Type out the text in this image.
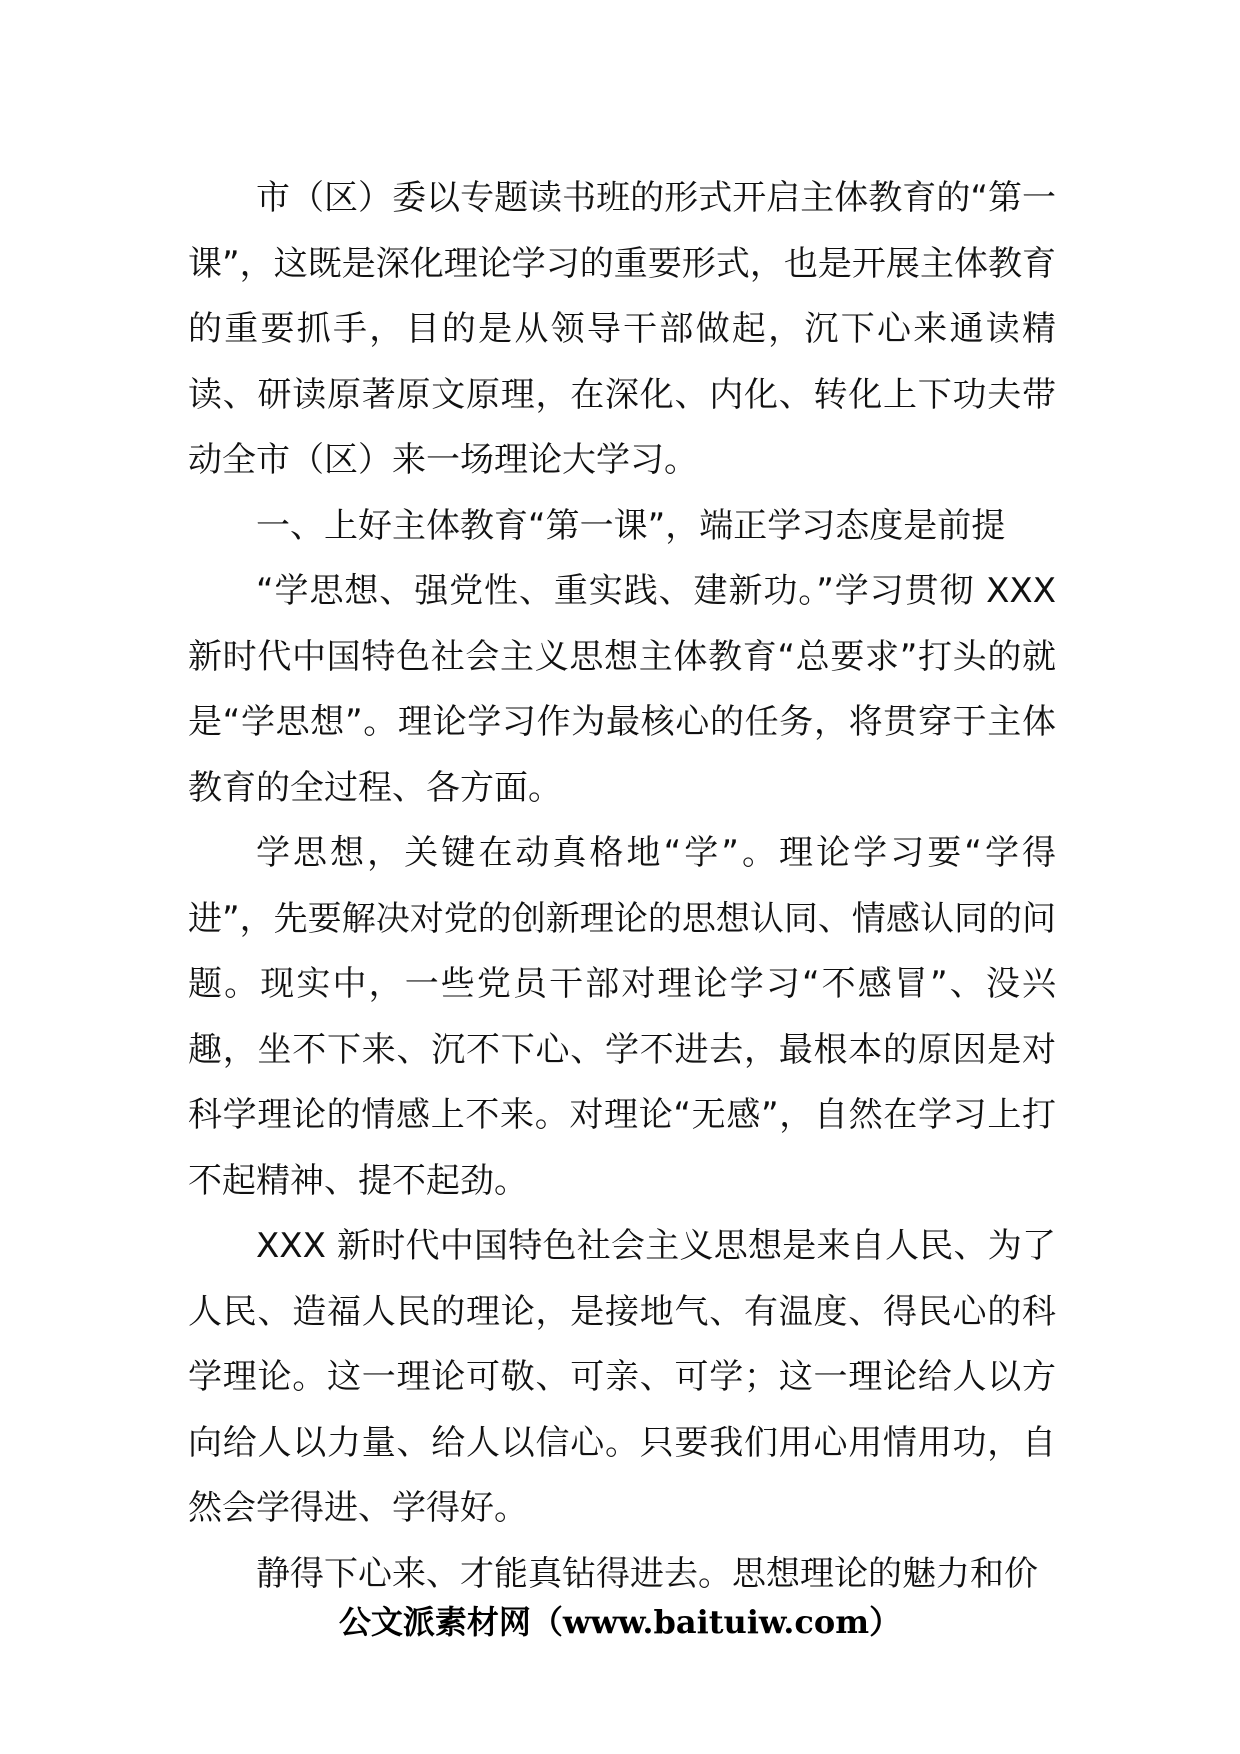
市（区）委以专题读书班的形式开启主体教育的“第一课”，这既是深化理论学习的重要形式，也是开展主体教育的重要抓手，目的是从领导干部做起，沉下心来通读精读、研读原著原文原理，在深化、内化、转化上下功夫带动全市（区）来一场理论大学习。

一、上好主体教育“第一课”，端正学习态度是前提

“学思想、强党性、重实践、建新功。”学习贯彻 XXX 新时代中国特色社会主义思想主体教育“总要求”打头的就是“学思想”。理论学习作为最核心的任务，将贯穿于主体教育的全过程、各方面。

学思想，关键在动真格地“学”。理论学习要“学得进”，先要解决对党的创新理论的思想认同、情感认同的问题。现实中，一些党员干部对理论学习“不感冒”、没兴趣，坐不下来、沉不下心、学不进去，最根本的原因是对科学理论的情感上不来。对理论“无感”，自然在学习上打不起精神、提不起劲。

XXX 新时代中国特色社会主义思想是来自人民、为了人民、造福人民的理论，是接地气、有温度、得民心的科学理论。这一理论可敬、可亲、可学；这一理论给人以方向给人以力量、给人以信心。只要我们用心用情用功，自然会学得进、学得好。

静得下心来、才能真钻得进去。思想理论的魅力和价

公文派素材网（www.baituiw.com）
